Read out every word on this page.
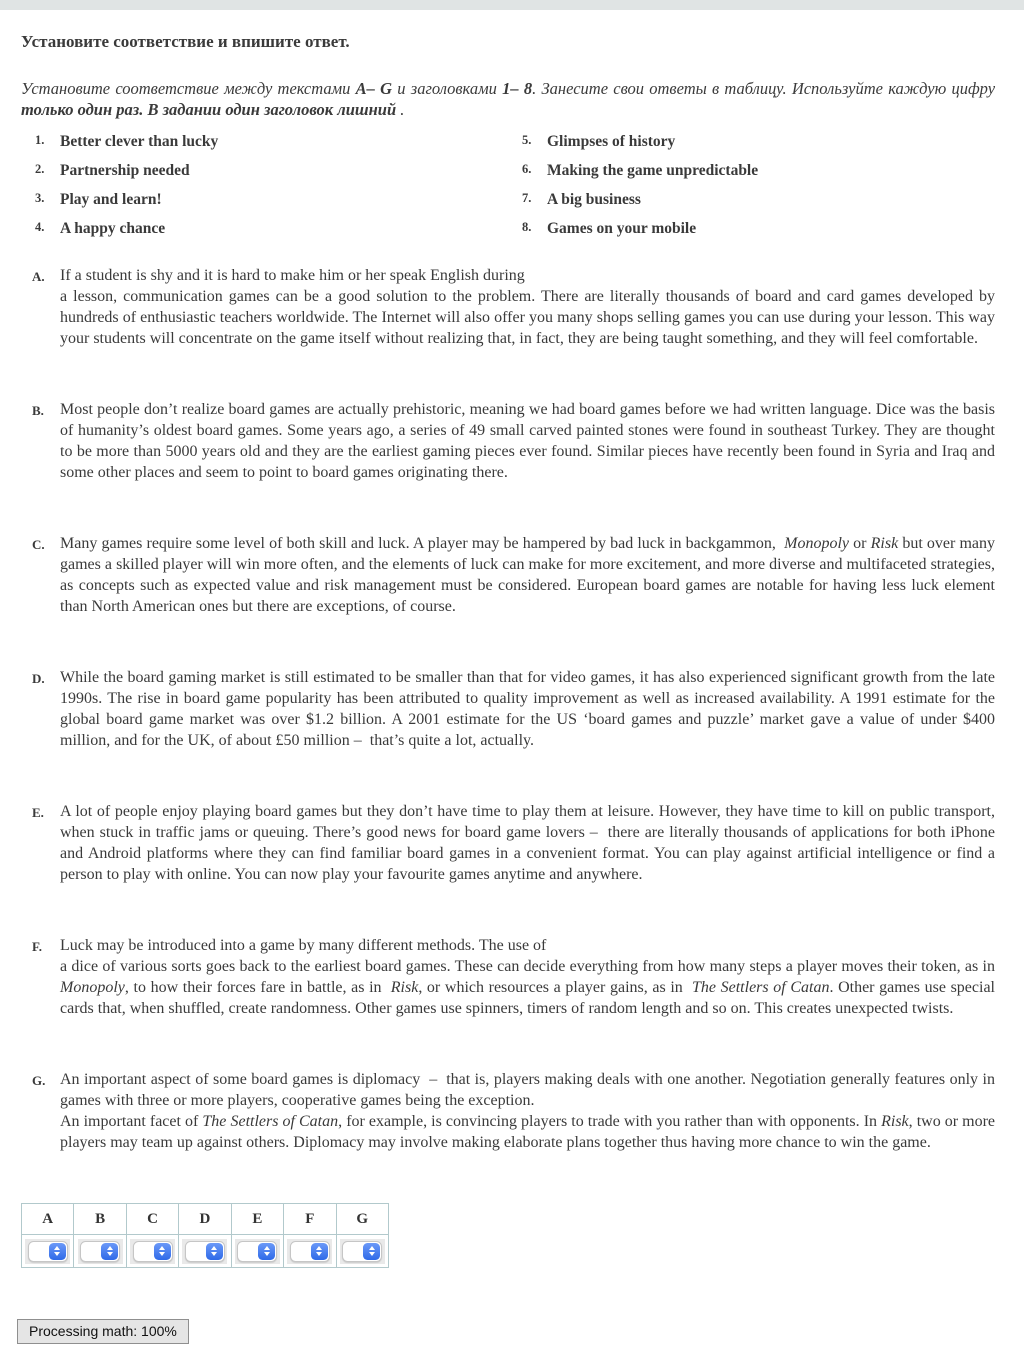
Установите соответствие и впишите ответ.
Установите соответствие между текстами A– G и заголовками 1– 8. Занесите свои ответы в таблицу. Используйте каждую цифру только один раз. В задании один заголовок лишний .
1.	Better clever than lucky
2.	Partnership needed
3.	Play and learn!
4.	A happy chance
5.	Glimpses of history
6.	Making the game unpredictable
7.	A big business
8.	Games on your mobile
A. If a student is shy and it is hard to make him or her speak English during
a lesson, communication games can be a good solution to the problem. There are literally thousands of board and card games developed by hundreds of enthusiastic teachers worldwide. The Internet will also offer you many shops selling games you can use during your lesson. This way your students will concentrate on the game itself without realizing that, in fact, they are being taught something, and they will feel comfortable.
B. Most people don’t realize board games are actually prehistoric, meaning we had board games before we had written language. Dice was the basis of humanity’s oldest board games. Some years ago, a series of 49 small carved painted stones were found in southeast Turkey. They are thought to be more than 5000 years old and they are the earliest gaming pieces ever found. Similar pieces have recently been found in Syria and Iraq and some other places and seem to point to board games originating there.
C. Many games require some level of both skill and luck. A player may be hampered by bad luck in backgammon,  Monopoly or Risk but over many games a skilled player will win more often, and the elements of luck can make for more excitement, and more diverse and multifaceted strategies, as concepts such as expected value and risk management must be considered. European board games are notable for having less luck element than North American ones but there are exceptions, of course.
D. While the board gaming market is still estimated to be smaller than that for video games, it has also experienced significant growth from the late 1990s. The rise in board game popularity has been attributed to quality improvement as well as increased availability. A 1991 estimate for the global board game market was over $1.2 billion. A 2001 estimate for the US ‘board games and puzzle’ market gave a value of under $400 million, and for the UK, of about £50 million –  that’s quite a lot, actually.
E. A lot of people enjoy playing board games but they don’t have time to play them at leisure. However, they have time to kill on public transport, when stuck in traffic jams or queuing. There’s good news for board game lovers –  there are literally thousands of applications for both iPhone and Android platforms where they can find familiar board games in a convenient format. You can play against artificial intelligence or find a person to play with online. You can now play your favourite games anytime and anywhere.
F. Luck may be introduced into a game by many different methods. The use of
a dice of various sorts goes back to the earliest board games. These can decide everything from how many steps a player moves their token, as in Monopoly, to how their forces fare in battle, as in  Risk, or which resources a player gains, as in  The Settlers of Catan. Other games use special cards that, when shuffled, create randomness. Other games use spinners, timers of random length and so on. This creates unexpected twists.
G. An important aspect of some board games is diplomacy  –  that is, players making deals with one another. Negotiation generally features only in games with three or more players, cooperative games being the exception.
An important facet of The Settlers of Catan, for example, is convincing players to trade with you rather than with opponents. In Risk, two or more players may team up against others. Diplomacy may involve making elaborate plans together thus having more chance to win the game.
A	B	C	D	E	F	G

Processing math: 100%
